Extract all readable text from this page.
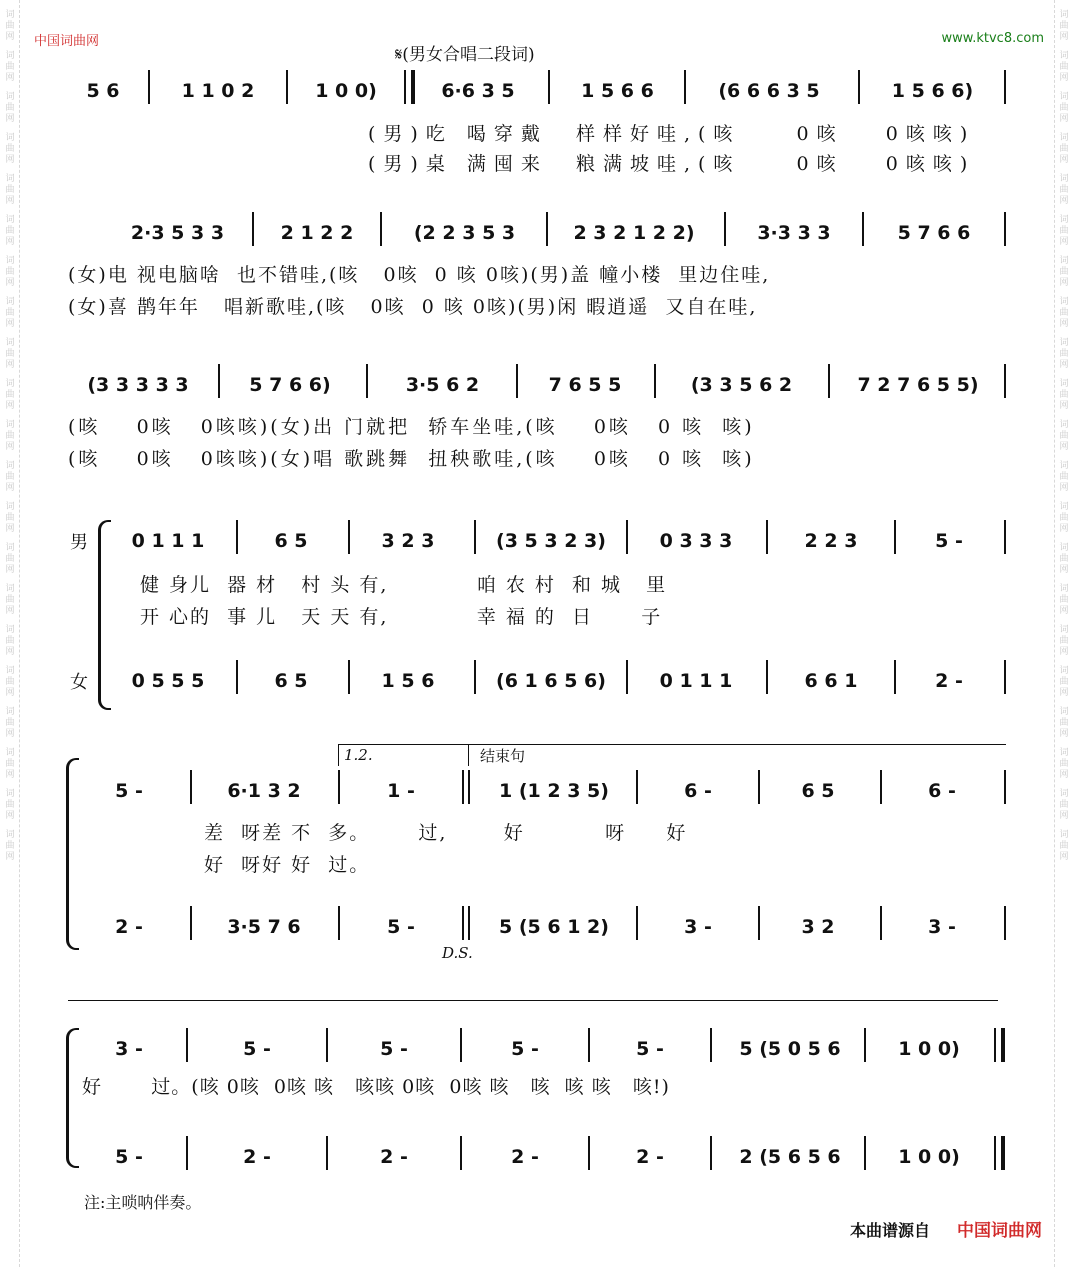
词
曲
网
词
曲
网
词
曲
网
词
曲
网
词
曲
网
词
曲
网
词
曲
网
词
曲
网
词
曲
网
词
曲
网
词
曲
网
词
曲
网
词
曲
网
词
曲
网
词
曲
网
词
曲
网
词
曲
网
词
曲
网
词
曲
网
词
曲
网
词
曲
网
词
曲
网
词
曲
网
词
曲
网
词
曲
网
词
曲
网
词
曲
网
词
曲
网
词
曲
网
词
曲
网
词
曲
网
词
曲
网
词
曲
网
词
曲
网
词
曲
网
词
曲
网
词
曲
网
词
曲
网
词
曲
网
词
曲
网
词
曲
网
词
曲
网
中国词曲网	www.ktvc8.com
𝄋(男女合唱二段词)
5 6	1 1 0 2	1 0 0)	6·6 3 5	1 5 6 6	(6 6 6 3 5	1 5 6 6)

(男)吃 喝穿戴  样样好哇,(咳    0咳   0咳咳)

(男)桌 满囤来  粮满坡哇,(咳    0咳   0咳咳)

2·3 5 3 3	2 1 2 2	(2 2 3 5 3	2 3 2 1 2 2)	3·3 3 3	5 7 6 6

(女)电 视电脑啥  也不错哇,(咳   0咳  0 咳 0咳)(男)盖 幢小楼  里边住哇,

(女)喜 鹊年年   唱新歌哇,(咳   0咳  0 咳 0咳)(男)闲 暇逍遥  又自在哇,

(3 3 3 3 3	5 7 6 6)	3·5 6 2	7 6 5 5	(3 3 5 6 2	7 2 7 6 5 5)

(咳    0咳   0咳咳)(女)出 门就把  轿车坐哇,(咳    0咳   0 咳  咳)

(咳    0咳   0咳咳)(女)唱 歌跳舞  扭秧歌哇,(咳    0咳   0 咳  咳)

男
女
0 1 1 1	6 5	3 2 3	(3 5 3 2 3)	0 3 3 3	2 2 3	5 -

健 身儿  器 材   村 头 有,           咱 农 村  和 城   里

开 心的  事 儿   天 天 有,           幸 福 的  日      子

0 5 5 5	6 5	1 5 6	(6 1 6 5 6)	0 1 1 1	6 6 1	2 -
1.2.	结束句
5 -	6·1 3 2	1 -	1 (1 2 3 5)	6 -	6 5	6 -

差  呀差 不  多。      过,       好          呀     好

好  呀好 好  过。

2 -	3·5 7 6	5 -	5 (5 6 1 2)	3 -	3 2	3 -
D.S.
3 -	5 -	5 -	5 -	5 -	5 (5 0 5 6	1 0 0)

好       过。(咳 0咳  0咳 咳   咳咳 0咳  0咳 咳   咳  咳 咳   咳!)

5 -	2 -	2 -	2 -	2 -	2 (5 6 5 6	1 0 0)
注:主唢呐伴奏。
本曲谱源自 中国词曲网
